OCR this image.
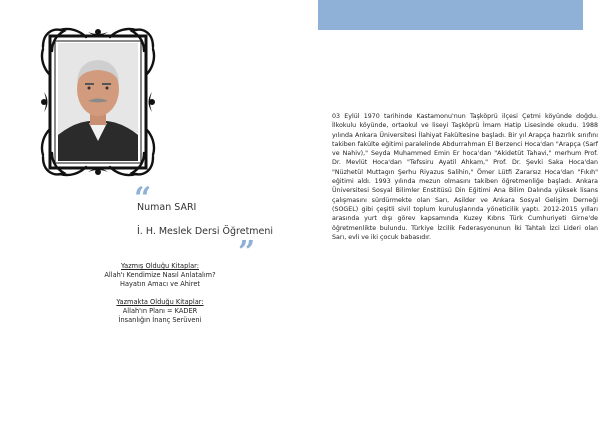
“
Numan SARI
İ. H. Meslek Dersi Öğretmeni
”
Yazmış Olduğu Kitaplar:
Allah'ı Kendimize Nasıl Anlatalım?
Hayatın Amacı ve Ahiret
Yazmakta Olduğu Kitaplar:
Allah'ın Planı = KADER
İnsanlığın İnanç Serüveni
03 Eylül 1970 tarihinde Kastamonu'nun Taşköprü ilçesi Çetmi köyünde doğdu. İlkokulu köyünde, ortaokul ve liseyi Taşköprü İmam Hatip Lisesinde okudu. 1988 yılında Ankara Üniversitesi İlahiyat Fakültesine başladı. Bir yıl Arapça hazırlık sınıfını takiben fakülte eğitimi paralelinde Abdurrahman El Berzenci Hoca'dan "Arapça (Sarf ve Nahiv)," Seyda Muhammed Emin Er hoca'dan "Akidetüt Tahavi," merhum Prof. Dr. Mevlüt Hoca'dan "Tefssiru Ayatil Ahkam," Prof. Dr. Şevki Saka Hoca'dan "Nüzhetül Muttagın Şerhu Riyazus Salihin," Ömer Lütfi Zararsız Hoca'dan "Fıkıh" eğitimi aldı. 1993 yılında mezun olmasını takiben öğretmenliğe başladı. Ankara Üniversitesi Sosyal Bilimler Enstitüsü Din Eğitimi Ana Bilim Dalında yüksek lisans çalışmasını sürdürmekte olan Sarı, Asilder ve Ankara Sosyal Gelişim Derneği (SOGEL) gibi çeşitli sivil toplum kuruluşlarında yöneticilik yaptı. 2012-2015 yılları arasında yurt dışı görev kapsamında Kuzey Kıbrıs Türk Cumhuriyeti Girne'de öğretmenlikte bulundu. Türkiye İzcilik Federasyonunun İki Tahtalı İzci Lideri olan Sarı, evli ve iki çocuk babasıdır.
